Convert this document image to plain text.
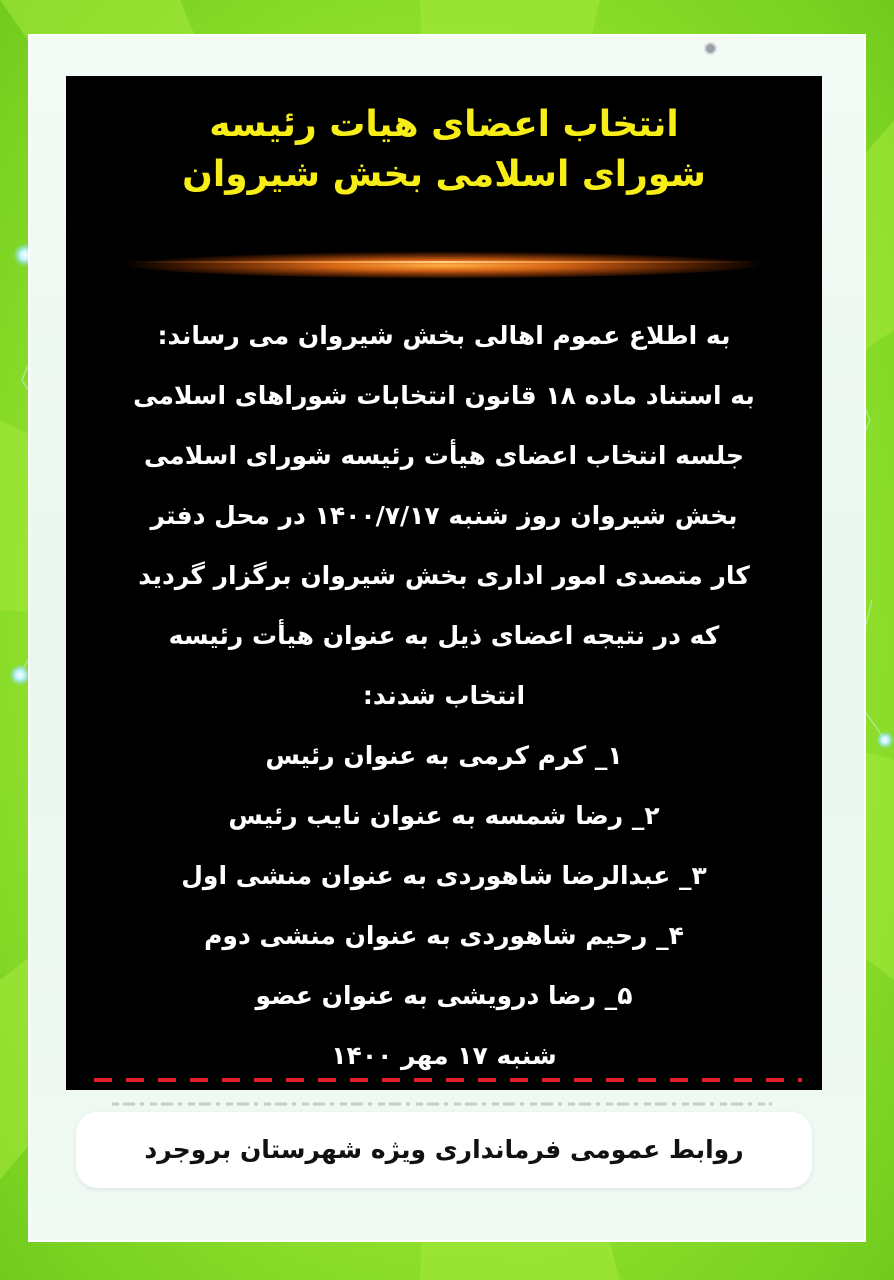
انتخاب اعضای هیات رئیسه
شورای اسلامی بخش شیروان
به اطلاع عموم اهالی بخش شیروان می رساند:
به استناد ماده ۱۸ قانون انتخابات شوراهای اسلامی
جلسه انتخاب اعضای هیأت رئیسه شورای اسلامی
بخش شیروان روز شنبه ۱۴۰۰/۷/۱۷ در محل دفتر
کار متصدی امور اداری بخش شیروان برگزار گردید
که در نتیجه اعضای ذیل به عنوان هیأت رئیسه
انتخاب شدند:
۱_ کرم کرمی به عنوان رئیس
۲_ رضا شمسه به عنوان نایب رئیس
۳_ عبدالرضا شاهوردی به عنوان منشی اول
۴_ رحیم شاهوردی به عنوان منشی دوم
۵_ رضا درویشی به عنوان عضو
شنبه ۱۷ مهر ۱۴۰۰
روابط عمومی فرمانداری ویژه شهرستان بروجرد
